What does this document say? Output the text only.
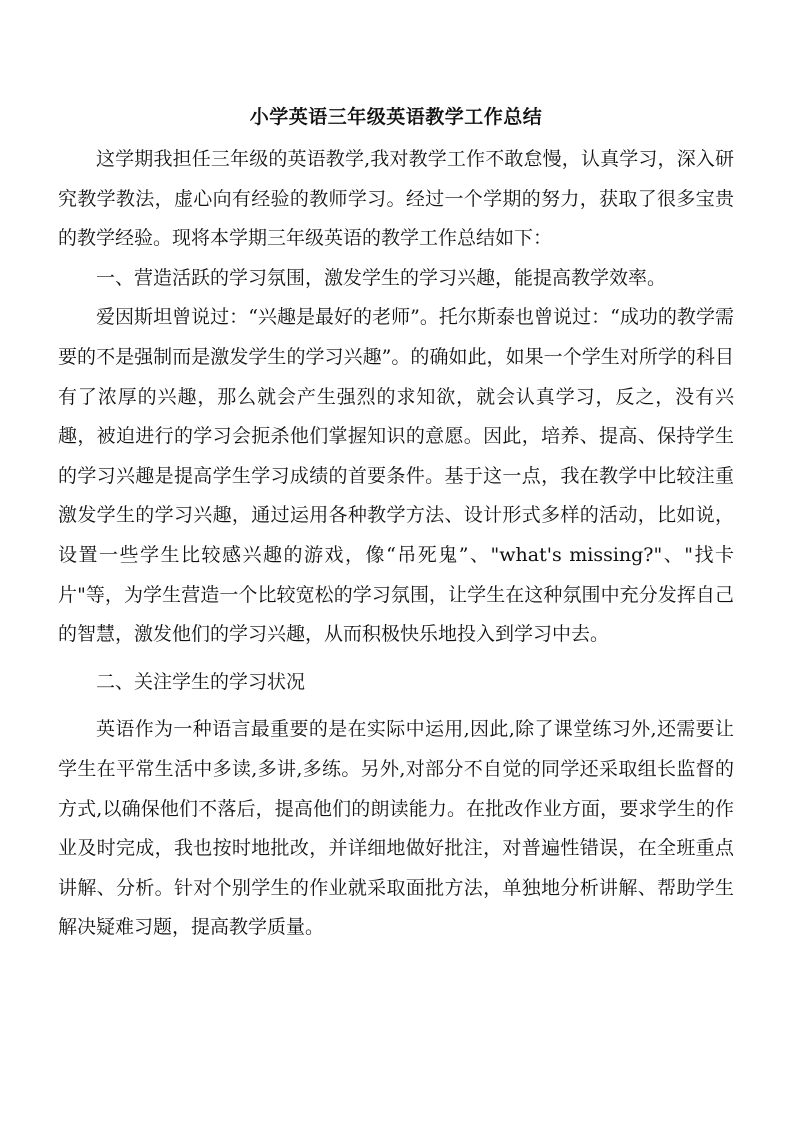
小学英语三年级英语教学工作总结

这学期我担任三年级的英语教学,我对教学工作不敢怠慢，认真学习，深入研究教学教法，虚心向有经验的教师学习。经过一个学期的努力，获取了很多宝贵的教学经验。现将本学期三年级英语的教学工作总结如下：

一、营造活跃的学习氛围，激发学生的学习兴趣，能提高教学效率。

爱因斯坦曾说过：“兴趣是最好的老师”。托尔斯泰也曾说过：“成功的教学需要的不是强制而是激发学生的学习兴趣”。的确如此，如果一个学生对所学的科目有了浓厚的兴趣，那么就会产生强烈的求知欲，就会认真学习，反之，没有兴趣，被迫进行的学习会扼杀他们掌握知识的意愿。因此，培养、提高、保持学生的学习兴趣是提高学生学习成绩的首要条件。基于这一点，我在教学中比较注重激发学生的学习兴趣，通过运用各种教学方法、设计形式多样的活动，比如说，设置一些学生比较感兴趣的游戏，像“吊死鬼”、"what's missing?"、"找卡片"等，为学生营造一个比较宽松的学习氛围，让学生在这种氛围中充分发挥自己的智慧，激发他们的学习兴趣，从而积极快乐地投入到学习中去。

二、关注学生的学习状况

英语作为一种语言最重要的是在实际中运用,因此,除了课堂练习外,还需要让学生在平常生活中多读,多讲,多练。另外,对部分不自觉的同学还采取组长监督的方式,以确保他们不落后，提高他们的朗读能力。在批改作业方面，要求学生的作业及时完成，我也按时地批改，并详细地做好批注，对普遍性错误，在全班重点讲解、分析。针对个别学生的作业就采取面批方法，单独地分析讲解、帮助学生解决疑难习题，提高教学质量。
